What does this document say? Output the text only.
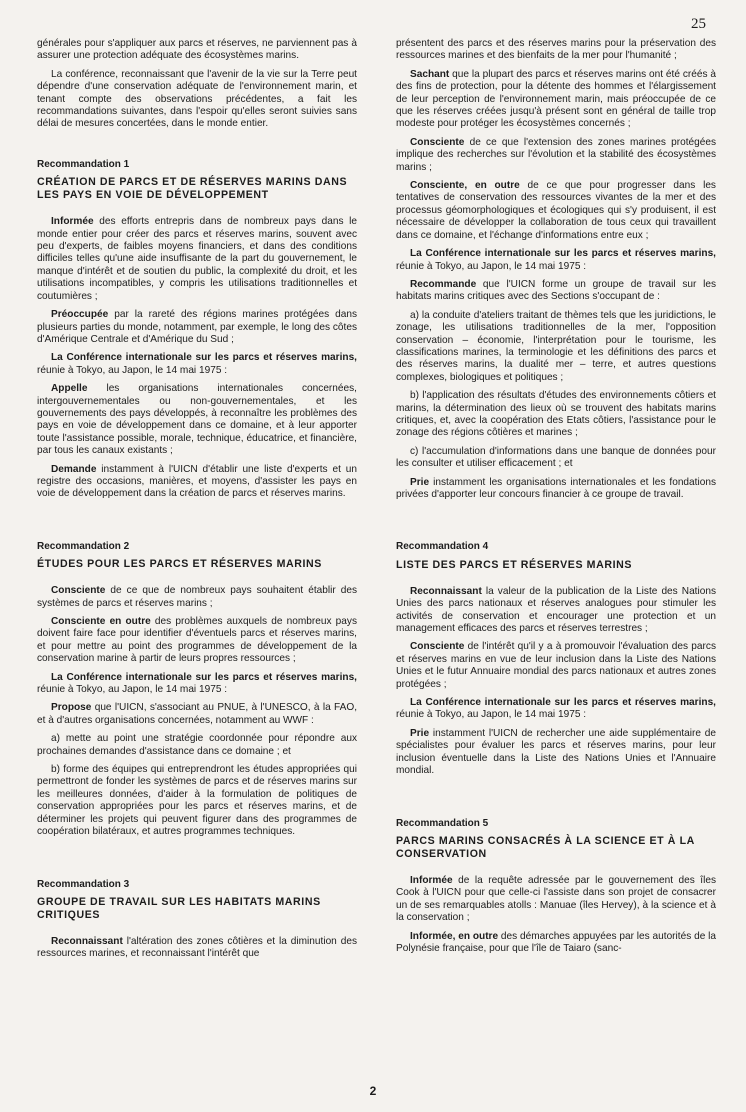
25

générales pour s'appliquer aux parcs et réserves, ne parviennent pas à assurer une protection adéquate des écosystèmes marins.

La conférence, reconnaissant que l'avenir de la vie sur la Terre peut dépendre d'une conservation adéquate de l'environnement marin, et tenant compte des observations précédentes, a fait les recommandations suivantes, dans l'espoir qu'elles seront suivies sans délai de mesures concertées, dans le monde entier.

Recommandation 1
CRÉATION DE PARCS ET DE RÉSERVES MARINS DANS LES PAYS EN VOIE DE DÉVELOPPEMENT

Informée des efforts entrepris dans de nombreux pays dans le monde entier pour créer des parcs et réserves marins, souvent avec peu d'experts, de faibles moyens financiers, et dans des conditions difficiles telles qu'une aide insuffisante de la part du gouvernement, le manque d'intérêt et de soutien du public, la complexité du droit, et les utilisations incompatibles, y compris les utilisations traditionnelles et coutumières ;

Préoccupée par la rareté des régions marines protégées dans plusieurs parties du monde, notamment, par exemple, le long des côtes d'Amérique Centrale et d'Amérique du Sud ;

La Conférence internationale sur les parcs et réserves marins, réunie à Tokyo, au Japon, le 14 mai 1975 :

Appelle les organisations internationales concernées, intergouvernementales ou non-gouvernementales, et les gouvernements des pays développés, à reconnaître les problèmes des pays en voie de développement dans ce domaine, et à leur apporter toute l'assistance possible, morale, technique, éducatrice, et financière, par tous les canaux existants ;

Demande instamment à l'UICN d'établir une liste d'experts et un registre des occasions, manières, et moyens, d'assister les pays en voie de développement dans la création de parcs et réserves marins.

Recommandation 2
ÉTUDES POUR LES PARCS ET RÉSERVES MARINS

Consciente de ce que de nombreux pays souhaitent établir des systèmes de parcs et réserves marins ;

Consciente en outre des problèmes auxquels de nombreux pays doivent faire face pour identifier d'éventuels parcs et réserves marins, et pour mettre au point des programmes de développement de la conservation marine à partir de leurs propres ressources ;

La Conférence internationale sur les parcs et réserves marins, réunie à Tokyo, au Japon, le 14 mai 1975 :

Propose que l'UICN, s'associant au PNUE, à l'UNESCO, à la FAO, et à d'autres organisations concernées, notamment au WWF :

a) mette au point une stratégie coordonnée pour répondre aux prochaines demandes d'assistance dans ce domaine ; et

b) forme des équipes qui entreprendront les études appropriées qui permettront de fonder les systèmes de parcs et de réserves marins sur les meilleures données, d'aider à la formulation de politiques de conservation appropriées pour les parcs et réserves marins, et de déterminer les projets qui peuvent figurer dans des programmes de coopération bilatéraux, et autres programmes techniques.

Recommandation 3
GROUPE DE TRAVAIL SUR LES HABITATS MARINS CRITIQUES

Reconnaissant l'altération des zones côtières et la diminution des ressources marines, et reconnaissant l'intérêt que

présentent des parcs et des réserves marins pour la préservation des ressources marines et des bienfaits de la mer pour l'humanité ;

Sachant que la plupart des parcs et réserves marins ont été créés à des fins de protection, pour la détente des hommes et l'élargissement de leur perception de l'environnement marin, mais préoccupée de ce que les réserves créées jusqu'à présent sont en général de taille trop modeste pour protéger les écosystèmes concernés ;

Consciente de ce que l'extension des zones marines protégées implique des recherches sur l'évolution et la stabilité des écosystèmes marins ;

Consciente, en outre de ce que pour progresser dans les tentatives de conservation des ressources vivantes de la mer et des processus géomorphologiques et écologiques qui s'y produisent, il est nécessaire de développer la collaboration de tous ceux qui travaillent dans ce domaine, et l'échange d'informations entre eux ;

La Conférence internationale sur les parcs et réserves marins, réunie à Tokyo, au Japon, le 14 mai 1975 :

Recommande que l'UICN forme un groupe de travail sur les habitats marins critiques avec des Sections s'occupant de :

a) la conduite d'ateliers traitant de thèmes tels que les juridictions, le zonage, les utilisations traditionnelles de la mer, l'opposition conservation – économie, l'interprétation pour le tourisme, les classifications marines, la terminologie et les définitions des parcs et des réserves marins, la dualité mer – terre, et autres questions complexes, biologiques et politiques ;

b) l'application des résultats d'études des environnements côtiers et marins, la détermination des lieux où se trouvent des habitats marins critiques, et, avec la coopération des Etats côtiers, l'assistance pour le zonage des régions côtières et marines ;

c) l'accumulation d'informations dans une banque de données pour les consulter et utiliser efficacement ; et

Prie instamment les organisations internationales et les fondations privées d'apporter leur concours financier à ce groupe de travail.

Recommandation 4
LISTE DES PARCS ET RÉSERVES MARINS

Reconnaissant la valeur de la publication de la Liste des Nations Unies des parcs nationaux et réserves analogues pour stimuler les activités de conservation et encourager une protection et un management efficaces des parcs et réserves terrestres ;

Consciente de l'intérêt qu'il y a à promouvoir l'évaluation des parcs et réserves marins en vue de leur inclusion dans la Liste des Nations Unies et le futur Annuaire mondial des parcs nationaux et autres zones protégées ;

La Conférence internationale sur les parcs et réserves marins, réunie à Tokyo, au Japon, le 14 mai 1975 :

Prie instamment l'UICN de rechercher une aide supplémentaire de spécialistes pour évaluer les parcs et réserves marins, pour leur inclusion éventuelle dans la Liste des Nations Unies et l'Annuaire mondial.

Recommandation 5
PARCS MARINS CONSACRÉS À LA SCIENCE ET À LA CONSERVATION

Informée de la requête adressée par le gouvernement des îles Cook à l'UICN pour que celle-ci l'assiste dans son projet de consacrer un de ses remarquables atolls : Manuae (îles Hervey), à la science et à la conservation ;

Informée, en outre des démarches appuyées par les autorités de la Polynésie française, pour que l'île de Taiaro (sanc-

2
